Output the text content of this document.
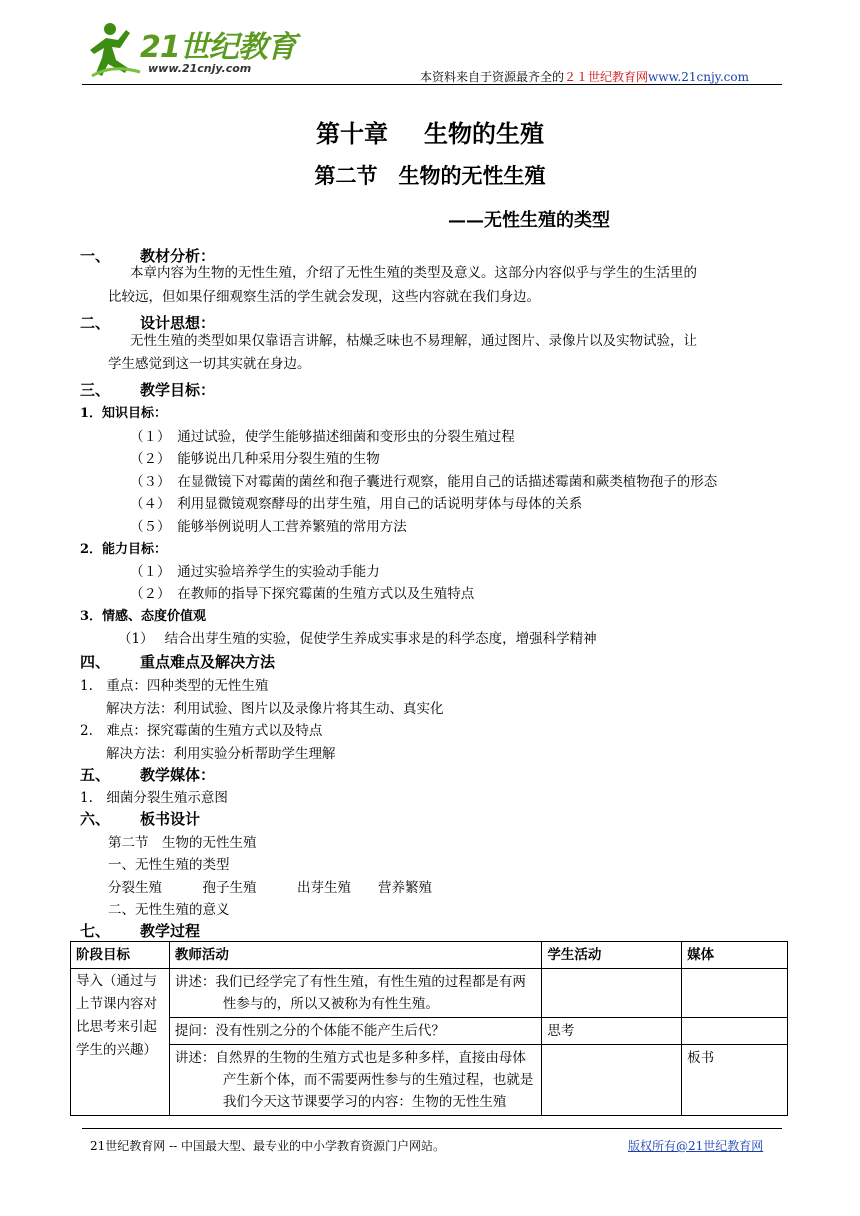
21世纪教育
www.21cnjy.com
本资料来自于资源最齐全的２１世纪教育网www.21cnjy.com
第十章 生物的生殖
第二节　生物的无性生殖
——无性生殖的类型
一、 教材分析：
本章内容为生物的无性生殖，介绍了无性生殖的类型及意义。这部分内容似乎与学生的生活里的
比较远，但如果仔细观察生活的学生就会发现，这些内容就在我们身边。
二、 设计思想：
无性生殖的类型如果仅靠语言讲解，枯燥乏味也不易理解，通过图片、录像片以及实物试验，让
学生感觉到这一切其实就在身边。
三、 教学目标：
1．知识目标：
（１）　通过试验，使学生能够描述细菌和变形虫的分裂生殖过程
（２）　能够说出几种采用分裂生殖的生物
（３）　在显微镜下对霉菌的菌丝和孢子囊进行观察，能用自己的话描述霉菌和蕨类植物孢子的形态
（４）　利用显微镜观察酵母的出芽生殖，用自己的话说明芽体与母体的关系
（５）　能够举例说明人工营养繁殖的常用方法
2．能力目标：
（１）　通过实验培养学生的实验动手能力
（２）　在教师的指导下探究霉菌的生殖方式以及生殖特点
3．情感、态度价值观
（1）　 结合出芽生殖的实验，促使学生养成实事求是的科学态度，增强科学精神
四、 重点难点及解决方法
1.　重点：四种类型的无性生殖
解决方法：利用试验、图片以及录像片将其生动、真实化
2.　难点：探究霉菌的生殖方式以及特点
解决方法：利用实验分析帮助学生理解
五、 教学媒体：
1.　细菌分裂生殖示意图
六、 板书设计
第二节　生物的无性生殖
一、无性生殖的类型
分裂生殖　　　孢子生殖　　　出芽生殖　　营养繁殖
二、无性生殖的意义
七、 教学过程
阶段目标	教师活动	学生活动	媒体
导入（通过与上节课内容对比思考来引起学生的兴趣）	讲述：我们已经学完了有性生殖，有性生殖的过程都是有两性参与的，所以又被称为有性生殖。		

	提问：没有性别之分的个体能不能产生后代？	思考	

	讲述：自然界的生物的生殖方式也是多种多样，直接由母体产生新个体，而不需要两性参与的生殖过程，也就是我们今天这节课要学习的内容：生物的无性生殖		板书
21世纪教育网 -- 中国最大型、最专业的中小学教育资源门户网站。	版权所有@21世纪教育网
